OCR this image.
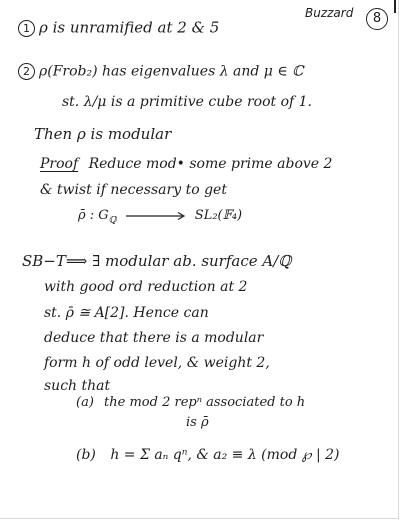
Buzzard	8
1 ρ is unramified at 2 & 5
2 ρ(Frob₂) has eigenvalues λ and μ ∈ ℂ
st. λ/μ is a primitive cube root of 1.
Then ρ is modular
Proof Reduce mod• some prime above 2
& twist if necessary to get
ρ̄ : $G_ℚ$	SL₂(𝔽₄)
SB−T⟹ ∃ modular ab. surface A/ℚ
with good ord reduction at 2
st. ρ̄ ≅ A[2]. Hence can
deduce that there is a modular
form h of odd level, & weight 2,
such that
(a) the mod 2 repⁿ associated to h
is ρ̄
(b) h = Σ aₙ qⁿ, & a₂ ≡ λ (mod ℘ | 2)
